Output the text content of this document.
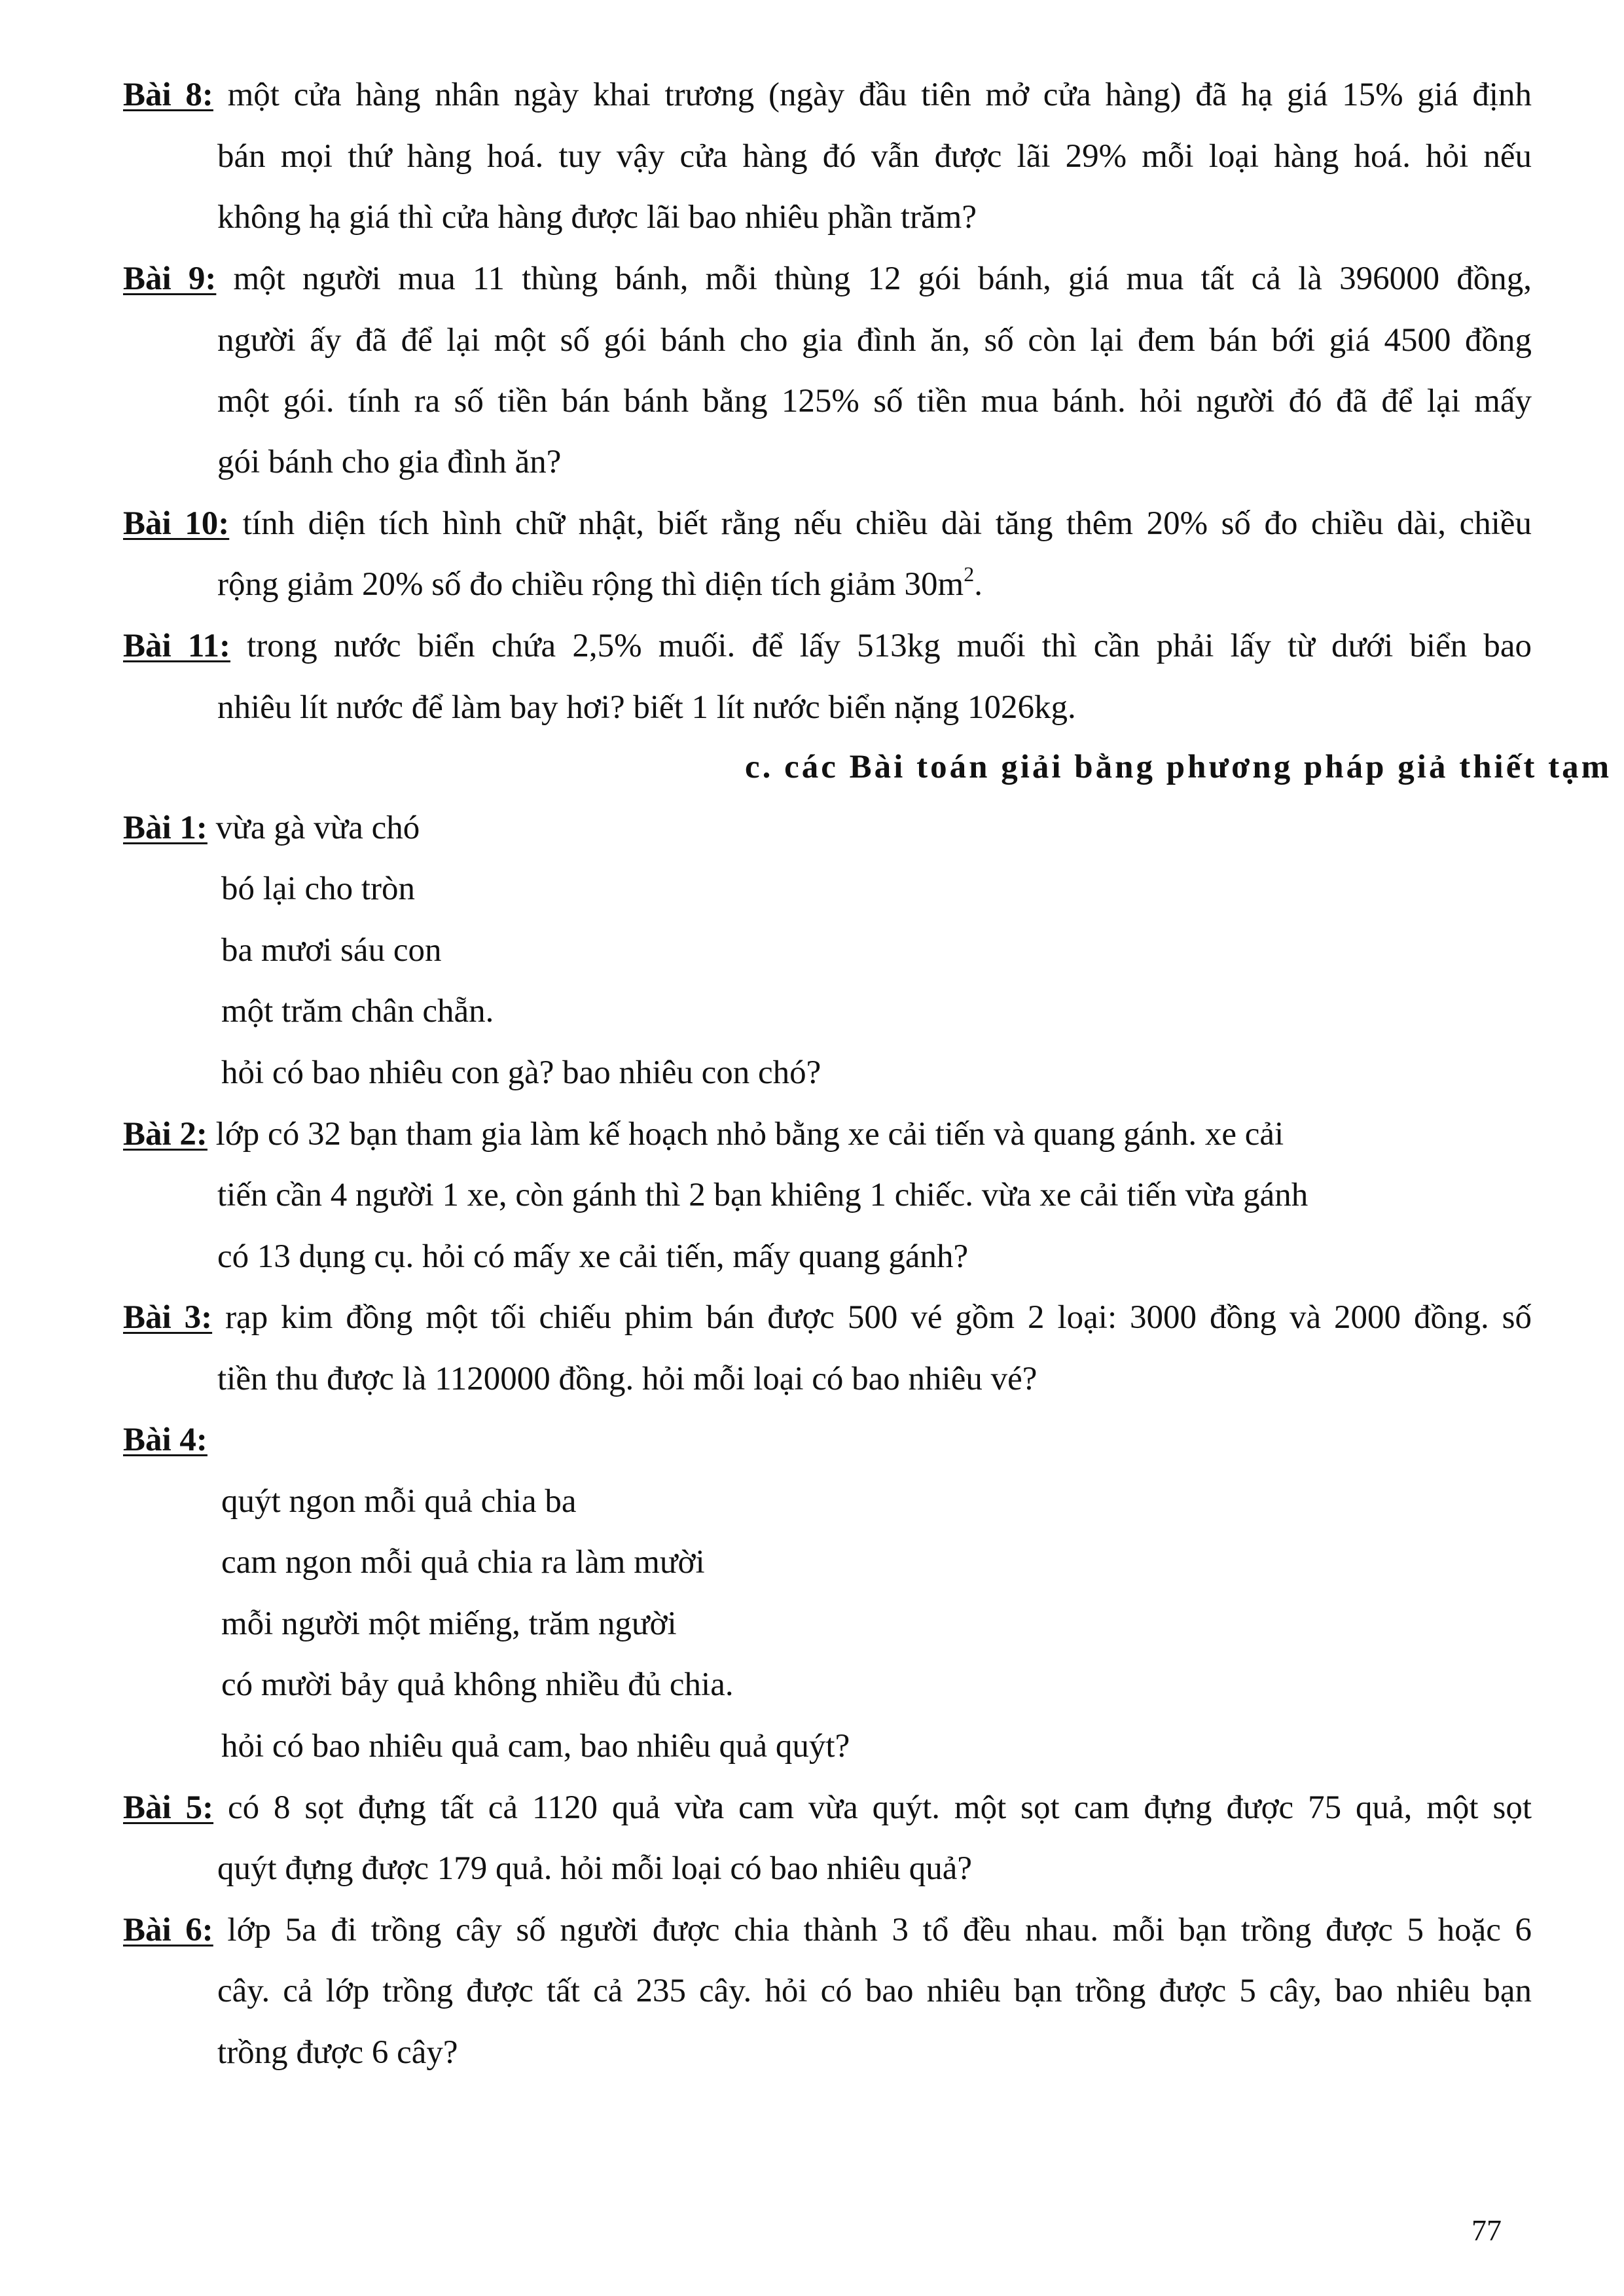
Bài 8: một cửa hàng nhân ngày khai trương (ngày đầu tiên mở cửa hàng) đã hạ giá 15% giá định
bán mọi thứ hàng hoá. tuy vậy cửa hàng đó vẫn được lãi 29% mỗi loại hàng hoá. hỏi nếu
không hạ giá thì cửa hàng được lãi bao nhiêu phần trăm?
Bài 9: một người mua 11 thùng bánh, mỗi thùng 12 gói bánh, giá mua tất cả là 396000 đồng,
người ấy đã để lại một số gói bánh cho gia đình ăn, số còn lại đem bán bới giá 4500 đồng
một gói. tính ra số tiền bán bánh bằng 125% số tiền mua bánh. hỏi người đó đã để lại mấy
gói bánh cho gia đình ăn?
Bài 10: tính diện tích hình chữ nhật, biết rằng nếu chiều dài tăng thêm 20% số đo chiều dài, chiều
rộng giảm 20% số đo chiều rộng thì diện tích giảm $30m^2$.
Bài 11: trong nước biển chứa 2,5% muối. để lấy 513kg muối thì cần phải lấy từ dưới biển bao
nhiêu lít nước để làm bay hơi? biết 1 lít nước biển nặng 1026kg.
c. các Bài toán giải bằng phương pháp giả thiết tạm
Bài 1: vừa gà vừa chó
bó lại cho tròn
ba mươi sáu con
một trăm chân chẵn.
hỏi có bao nhiêu con gà? bao nhiêu con chó?
Bài 2: lớp có 32 bạn tham gia làm kế hoạch nhỏ bằng xe cải tiến và quang gánh. xe cải
tiến cần 4 người 1 xe, còn gánh thì 2 bạn khiêng 1 chiếc. vừa xe cải tiến vừa gánh
có 13 dụng cụ. hỏi có mấy xe cải tiến, mấy quang gánh?
Bài 3: rạp kim đồng một tối chiếu phim bán được 500 vé gồm 2 loại: 3000 đồng và 2000 đồng. số
tiền thu được là 1120000 đồng. hỏi mỗi loại có bao nhiêu vé?
Bài 4:
quýt ngon mỗi quả chia ba
cam ngon mỗi quả chia ra làm mười
mỗi người một miếng, trăm người
có mười bảy quả không nhiều đủ chia.
hỏi có bao nhiêu quả cam, bao nhiêu quả quýt?
Bài 5: có 8 sọt đựng tất cả 1120 quả vừa cam vừa quýt. một sọt cam đựng được 75 quả, một sọt
quýt đựng được 179 quả. hỏi mỗi loại có bao nhiêu quả?
Bài 6: lớp 5a đi trồng cây số người được chia thành 3 tổ đều nhau. mỗi bạn trồng được 5 hoặc 6
cây. cả lớp trồng được tất cả 235 cây. hỏi có bao nhiêu bạn trồng được 5 cây, bao nhiêu bạn
trồng được 6 cây?
77
